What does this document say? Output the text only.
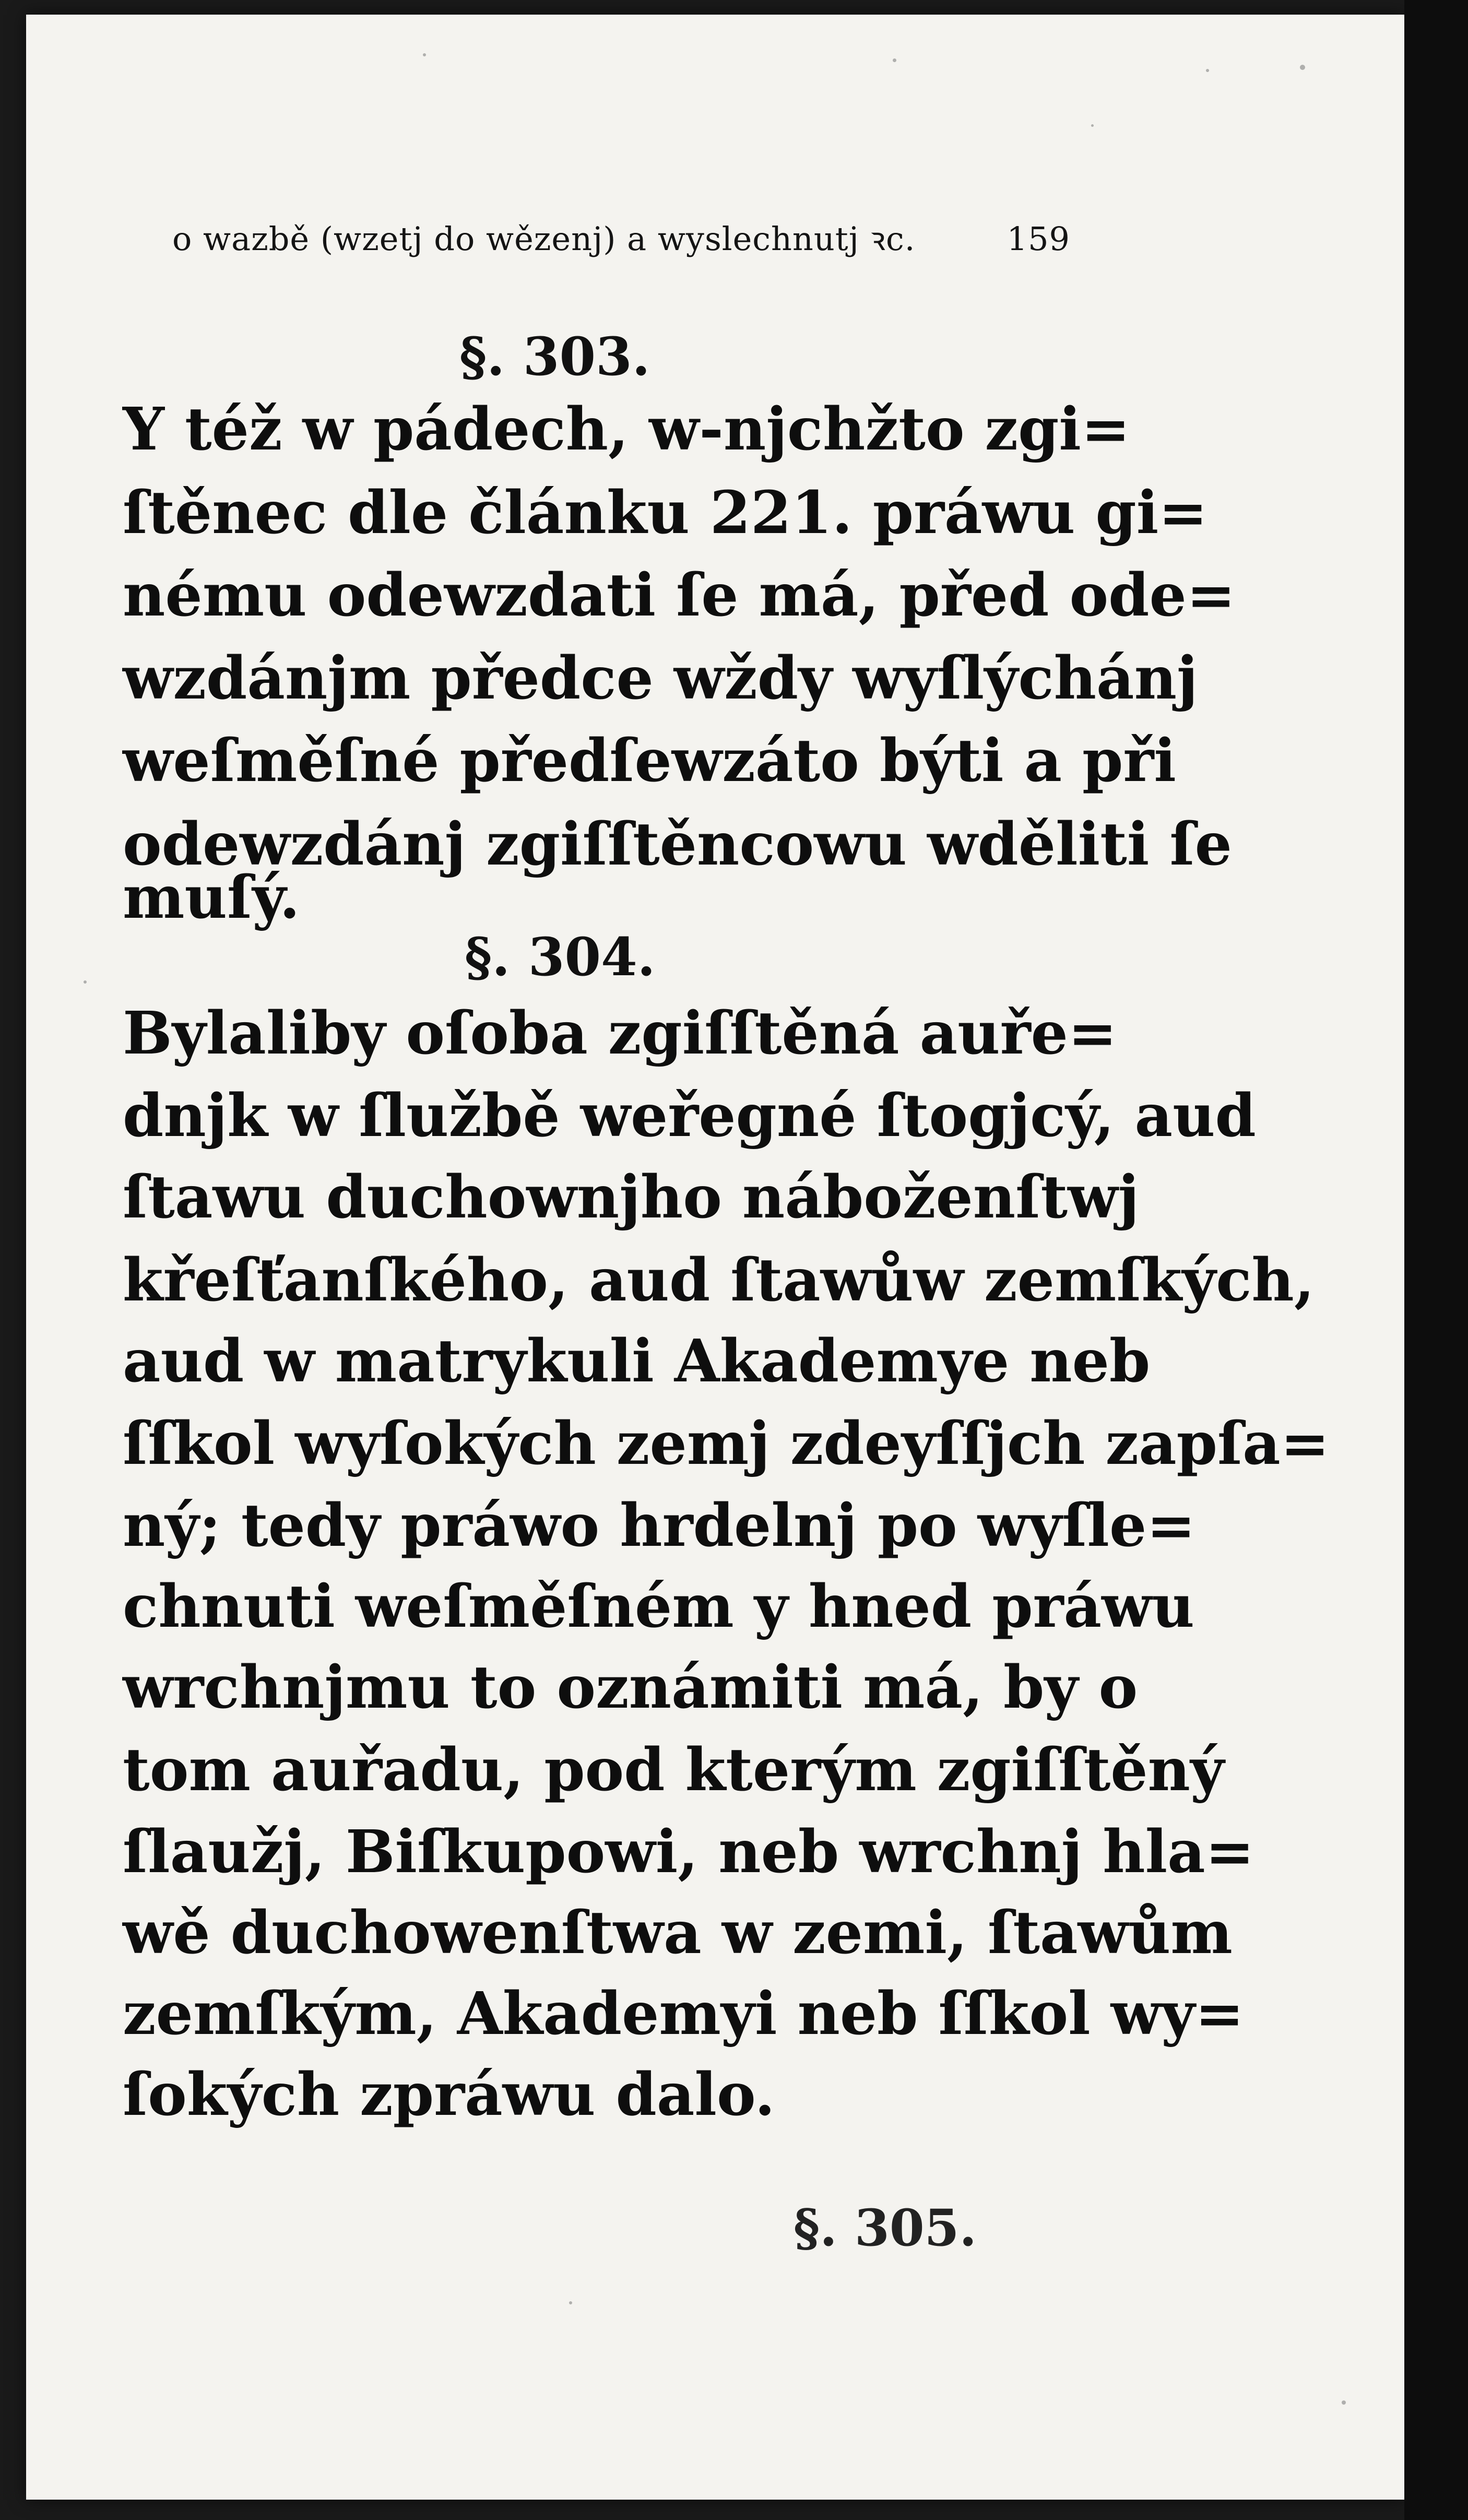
o wazbě (wzetj do wězenj) a wyslechnutj ꝛc.	159
§. 303.
Y též w pádech, w-njchžto zgi=
ſtěnec dle článku 221. práwu gi=
nému odewzdati ſe má, před ode=
wzdánjm předce wždy wyſlýchánj
weſměſné předſewzáto býti a při
odewzdánj zgiſſtěncowu wděliti ſe
muſý.
§. 304.
Bylaliby oſoba zgiſſtěná auře=
dnjk w ſlužbě weřegné ſtogjcý, aud
ſtawu duchownjho náboženſtwj
křeſťanſkého, aud ſtawůw zemſkých,
aud w matrykuli Akademye neb
ſſkol wyſokých zemj zdeyſſjch zapſa=
ný; tedy práwo hrdelnj po wyſle=
chnuti weſměſném y hned práwu
wrchnjmu to oznámiti má, by o
tom auřadu, pod kterým zgiſſtěný
ſlaužj, Biſkupowi, neb wrchnj hla=
wě duchowenſtwa w zemi, ſtawům
zemſkým, Akademyi neb ſſkol wy=
ſokých zpráwu dalo.
§. 305.
